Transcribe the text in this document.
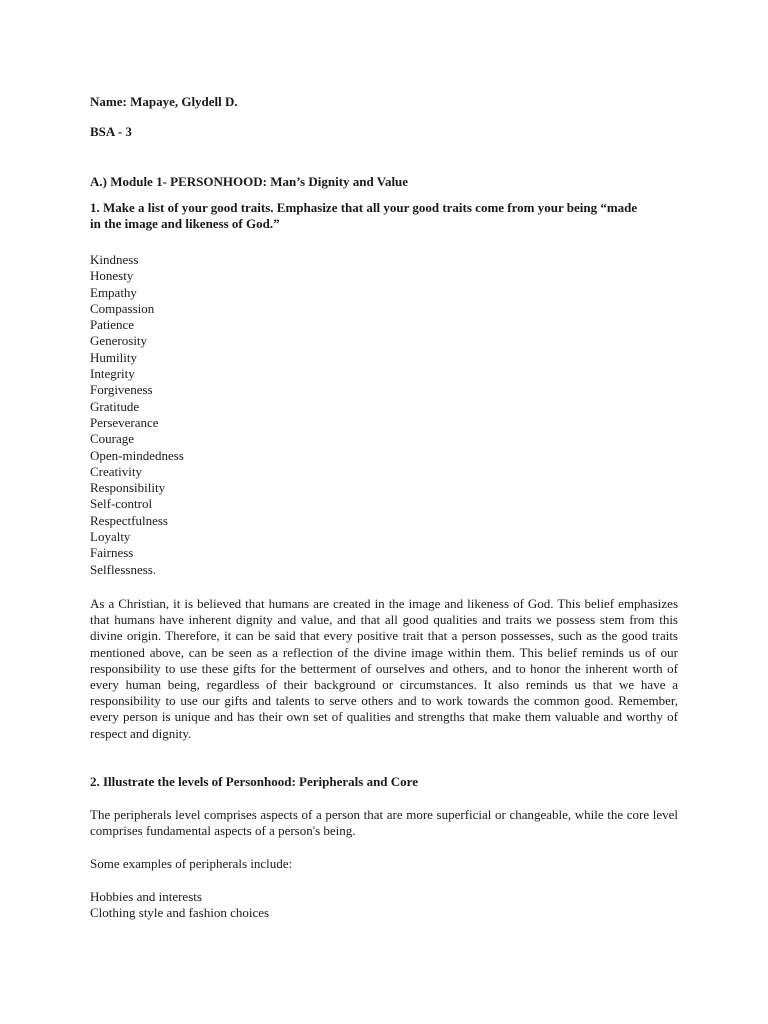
Name: Mapaye, Glydell D.
BSA - 3
A.) Module 1- PERSONHOOD: Man’s Dignity and Value
1. Make a list of your good traits. Emphasize that all your good traits come from your being “made
in the image and likeness of God.”
Kindness
Honesty
Empathy
Compassion
Patience
Generosity
Humility
Integrity
Forgiveness
Gratitude
Perseverance
Courage
Open-mindedness
Creativity
Responsibility
Self-control
Respectfulness
Loyalty
Fairness
Selflessness.

As a Christian, it is believed that humans are created in the image and likeness of God. This belief emphasizes that humans have inherent dignity and value, and that all good qualities and traits we possess stem from this divine origin. Therefore, it can be said that every positive trait that a person possesses, such as the good traits mentioned above, can be seen as a reflection of the divine image within them. This belief reminds us of our responsibility to use these gifts for the betterment of ourselves and others, and to honor the inherent worth of every human being, regardless of their background or circumstances. It also reminds us that we have a responsibility to use our gifts and talents to serve others and to work towards the common good. Remember, every person is unique and has their own set of qualities and strengths that make them valuable and worthy of respect and dignity.

2. Illustrate the levels of Personhood: Peripherals and Core

The peripherals level comprises aspects of a person that are more superficial or changeable, while the core level comprises fundamental aspects of a person's being.

Some examples of peripherals include:
Hobbies and interests
Clothing style and fashion choices
